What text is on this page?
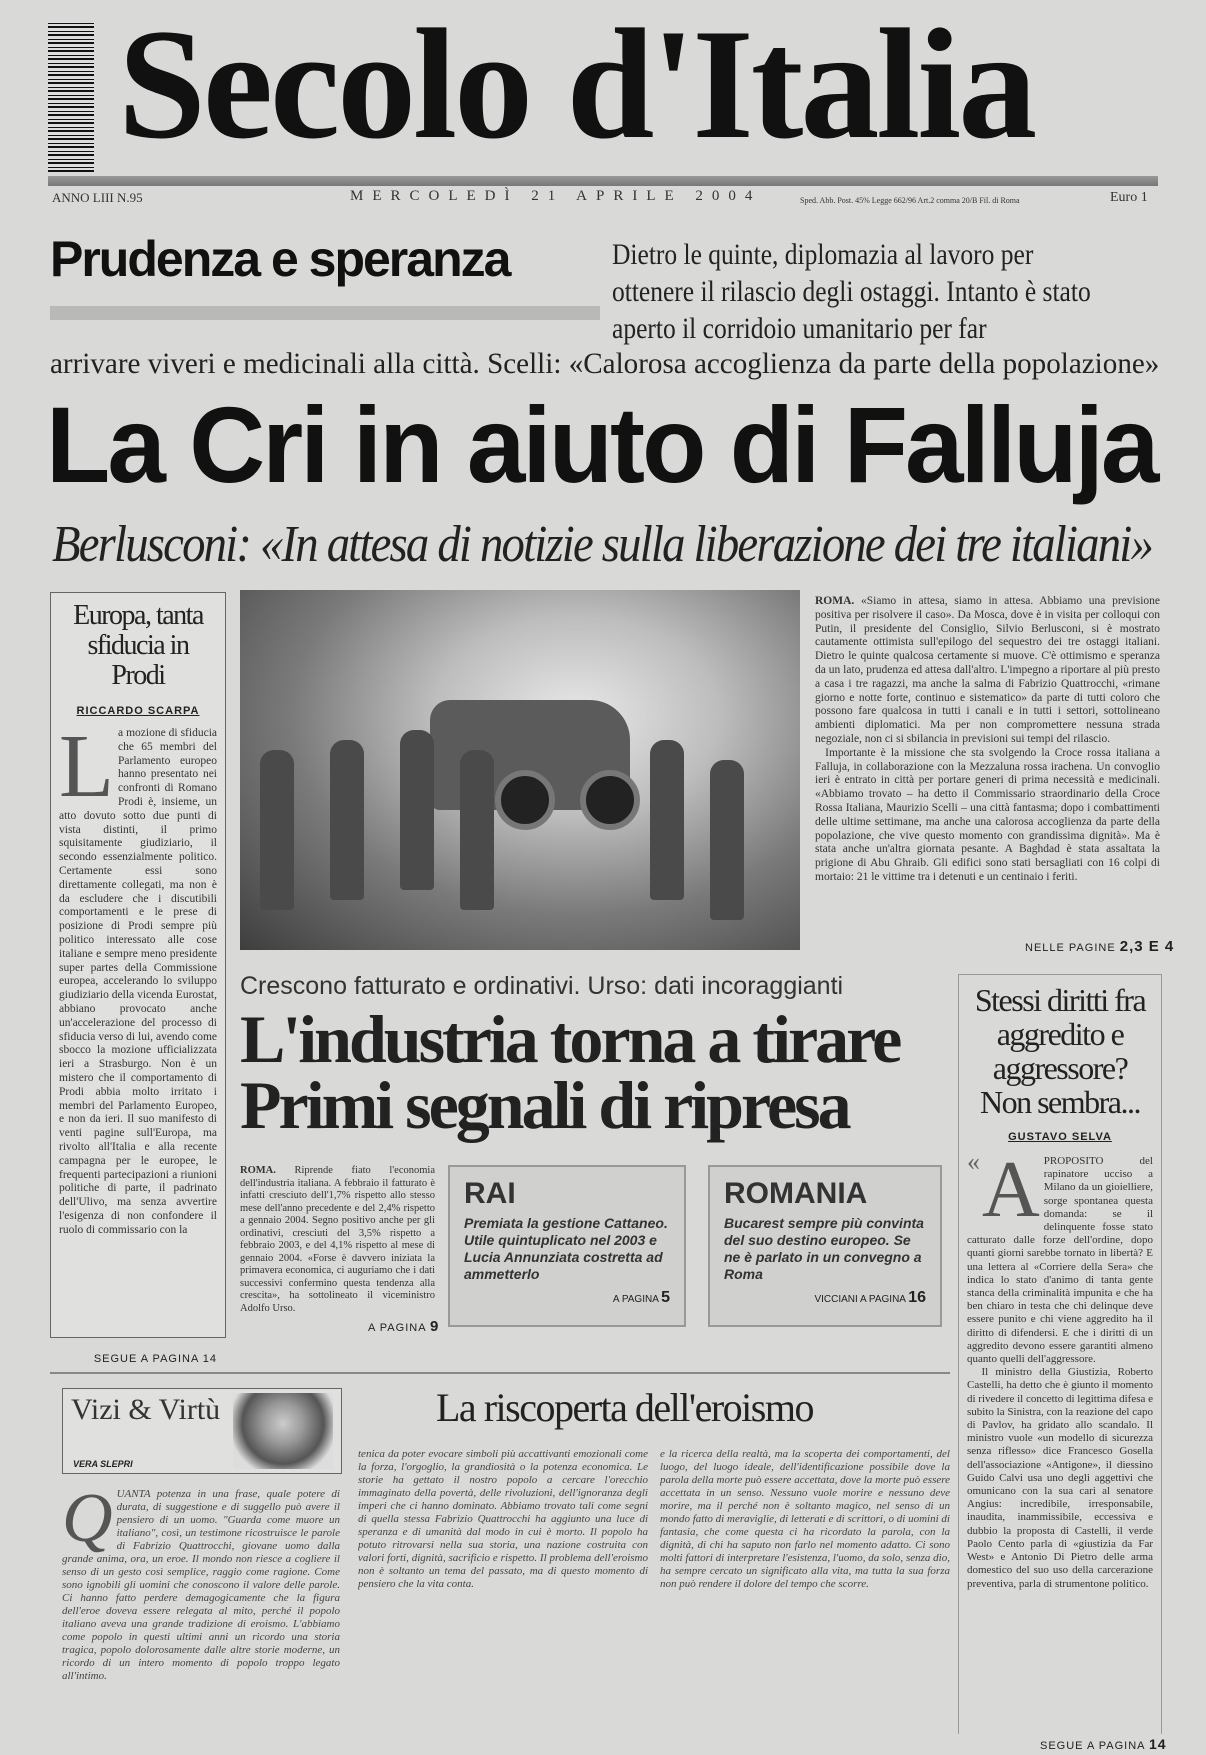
Secolo d'Italia
ANNO LIII N.95	MERCOLEDÌ 21 APRILE 2004	Sped. Abb. Post. 45% Legge 662/96 Art.2 comma 20/B Fil. di Roma	Euro 1
Prudenza e speranza	Dietro le quinte, diplomazia al lavoro per ottenere il rilascio degli ostaggi. Intanto è stato aperto il corridoio umanitario per far
arrivare viveri e medicinali alla città. Scelli: «Calorosa accoglienza da parte della popolazione»
La Cri in aiuto di Falluja
Berlusconi: «In attesa di notizie sulla liberazione dei tre italiani»
Europa, tanta sfiducia in Prodi
RICCARDO SCARPA
La mozione di sfiducia che 65 membri del Parlamento europeo hanno presentato nei confronti di Romano Prodi è, insieme, un atto dovuto sotto due punti di vista distinti, il primo squisitamente giudiziario, il secondo essenzialmente politico. Certamente essi sono direttamente collegati, ma non è da escludere che i discutibili comportamenti e le prese di posizione di Prodi sempre più politico interessato alle cose italiane e sempre meno presidente super partes della Commissione europea, accelerando lo sviluppo giudiziario della vicenda Eurostat, abbiano provocato anche un'accelerazione del processo di sfiducia verso di lui, avendo come sbocco la mozione ufficializzata ieri a Strasburgo. Non è un mistero che il comportamento di Prodi abbia molto irritato i membri del Parlamento Europeo, e non da ieri. Il suo manifesto di venti pagine sull'Europa, ma rivolto all'Italia e alla recente campagna per le europee, le frequenti partecipazioni a riunioni politiche di parte, il padrinato dell'Ulivo, ma senza avvertire l'esigenza di non confondere il ruolo di commissario con la
SEGUE A PAGINA 14
ROMA. «Siamo in attesa, siamo in attesa. Abbiamo una previsione positiva per risolvere il caso». Da Mosca, dove è in visita per colloqui con Putin, il presidente del Consiglio, Silvio Berlusconi, si è mostrato cautamente ottimista sull'epilogo del sequestro dei tre ostaggi italiani. Dietro le quinte qualcosa certamente si muove. C'è ottimismo e speranza da un lato, prudenza ed attesa dall'altro. L'impegno a riportare al più presto a casa i tre ragazzi, ma anche la salma di Fabrizio Quattrocchi, «rimane giorno e notte forte, continuo e sistematico» da parte di tutti coloro che possono fare qualcosa in tutti i canali e in tutti i settori, sottolineano ambienti diplomatici. Ma per non compromettere nessuna strada negoziale, non ci si sbilancia in previsioni sui tempi del rilascio.
Importante è la missione che sta svolgendo la Croce rossa italiana a Falluja, in collaborazione con la Mezzaluna rossa irachena. Un convoglio ieri è entrato in città per portare generi di prima necessità e medicinali. «Abbiamo trovato – ha detto il Commissario straordinario della Croce Rossa Italiana, Maurizio Scelli – una città fantasma; dopo i combattimenti delle ultime settimane, ma anche una calorosa accoglienza da parte della popolazione, che vive questo momento con grandissima dignità». Ma è stata anche un'altra giornata pesante. A Baghdad è stata assaltata la prigione di Abu Ghraib. Gli edifici sono stati bersagliati con 16 colpi di mortaio: 21 le vittime tra i detenuti e un centinaio i feriti.
NELLE PAGINE 2,3 E 4
Crescono fatturato e ordinativi. Urso: dati incoraggianti
L'industria torna a tirare
Primi segnali di ripresa
ROMA. Riprende fiato l'economia dell'industria italiana. A febbraio il fatturato è infatti cresciuto dell'1,7% rispetto allo stesso mese dell'anno precedente e del 2,4% rispetto a gennaio 2004. Segno positivo anche per gli ordinativi, cresciuti del 3,5% rispetto a febbraio 2003, e del 4,1% rispetto al mese di gennaio 2004. «Forse è davvero iniziata la primavera economica, ci auguriamo che i dati successivi confermino questa tendenza alla crescita», ha sottolineato il viceministro Adolfo Urso.
A PAGINA 9
RAI
Premiata la gestione Cattaneo. Utile quintuplicato nel 2003 e Lucia Annunziata costretta ad ammetterlo
A PAGINA 5
ROMANIA
Bucarest sempre più convinta del suo destino europeo. Se ne è parlato in un convegno a Roma
VICCIANI A PAGINA 16
Stessi diritti fra aggredito e aggressore? Non sembra...
GUSTAVO SELVA
« A PROPOSITO del rapinatore ucciso a Milano da un gioielliere, sorge spontanea questa domanda: se il delinquente fosse stato catturato dalle forze dell'ordine, dopo quanti giorni sarebbe tornato in libertà? E una lettera al «Corriere della Sera» che indica lo stato d'animo di tanta gente stanca della criminalità impunita e che ha ben chiaro in testa che chi delinque deve essere punito e chi viene aggredito ha il diritto di difendersi. E che i diritti di un aggredito devono essere garantiti almeno quanto quelli dell'aggressore.
Il ministro della Giustizia, Roberto Castelli, ha detto che è giunto il momento di rivedere il concetto di legittima difesa e subito la Sinistra, con la reazione del capo di Pavlov, ha gridato allo scandalo. Il ministro vuole «un modello di sicurezza senza riflesso» dice Francesco Gosella dell'associazione «Antigone», il diessino Guido Calvi usa uno degli aggettivi che omunicano con la sua cari al senatore Angius: incredibile, irresponsabile, inaudita, inammissibile, eccessiva e dubbio la proposta di Castelli, il verde Paolo Cento parla di «giustizia da Far West» e Antonio Di Pietro delle arma domestico del suo uso della carcerazione preventiva, parla di strumentone politico.
Vizi & Virtù
VERA SLEPRI
La riscoperta dell'eroismo
QUANTA potenza in una frase, quale potere di durata, di suggestione e di suggello può avere il pensiero di un uomo. "Guarda come muore un italiano", così, un testimone ricostruisce le parole di Fabrizio Quattrocchi, giovane uomo dalla grande anima, ora, un eroe. Il mondo non riesce a cogliere il senso di un gesto così semplice, raggio come ragione. Come sono ignobili gli uomini che conoscono il valore delle parole. Ci hanno fatto perdere demagogicamente che la figura dell'eroe doveva essere relegata al mito, perché il popolo italiano aveva una grande tradizione di eroismo. L'abbiamo come popolo in questi ultimi anni un ricordo una storia tragica, popolo dolorosamente dalle altre storie moderne, un ricordo di un intero momento di popolo troppo legato all'intimo.
tenica da poter evocare simboli più accattivanti emozionali come la forza, l'orgoglio, la grandiosità o la potenza economica. Le storie ha gettato il nostro popolo a cercare l'orecchio immaginato della povertà, delle rivoluzioni, dell'ignoranza degli imperi che ci hanno dominato. Abbiamo trovato tali come segni di quella stessa Fabrizio Quattrocchi ha aggiunto una luce di speranza e di umanità dal modo in cui è morto. Il popolo ha potuto ritrovarsi nella sua storia, una nazione costruita con valori forti, dignità, sacrificio e rispetto. Il problema dell'eroismo non è soltanto un tema del passato, ma di questo momento di pensiero che la vita conta.
e la ricerca della realtà, ma la scoperta dei comportamenti, del luogo, del luogo ideale, dell'identificazione possibile dove la parola della morte può essere accettata, dove la morte può essere accettata in un senso. Nessuno vuole morire e nessuno deve morire, ma il perché non è soltanto magico, nel senso di un mondo fatto di meraviglie, di letterati e di scrittori, o di uomini di fantasia, che come questa ci ha ricordato la parola, con la dignità, di chi ha saputo non farlo nel momento adatto. Ci sono molti fattori di interpretare l'esistenza, l'uomo, da solo, senza dio, ha sempre cercato un significato alla vita, ma tutta la sua forza non può rendere il dolore del tempo che scorre.
SEGUE A PAGINA 14
